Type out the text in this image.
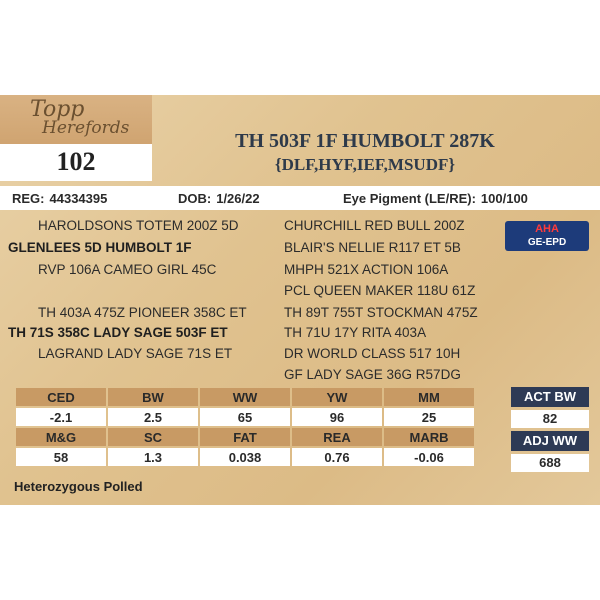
Topp
Herefords
102
TH 503F 1F HUMBOLT 287K
{DLF,HYF,IEF,MSUDF}
REG: 44334395	DOB: 1/26/22	Eye Pigment (LE/RE): 100/100
HAROLDSONS TOTEM 200Z 5D
GLENLEES 5D HUMBOLT 1F
RVP 106A CAMEO GIRL 45C
TH 403A 475Z PIONEER 358C ET
TH 71S 358C LADY SAGE 503F ET
LAGRAND LADY SAGE 71S ET
CHURCHILL RED BULL 200Z
BLAIR'S NELLIE R117 ET 5B
MHPH 521X ACTION 106A
PCL QUEEN MAKER 118U 61Z
TH 89T 755T STOCKMAN 475Z
TH 71U 17Y RITA 403A
DR WORLD CLASS 517 10H
GF LADY SAGE 36G R57DG
AHA
GE-EPD
CED	BW	WW	YW	MM
-2.1	2.5	65	96	25
M&G	SC	FAT	REA	MARB
58	1.3	0.038	0.76	-0.06
ACT BW
82
ADJ WW
688
Heterozygous Polled
